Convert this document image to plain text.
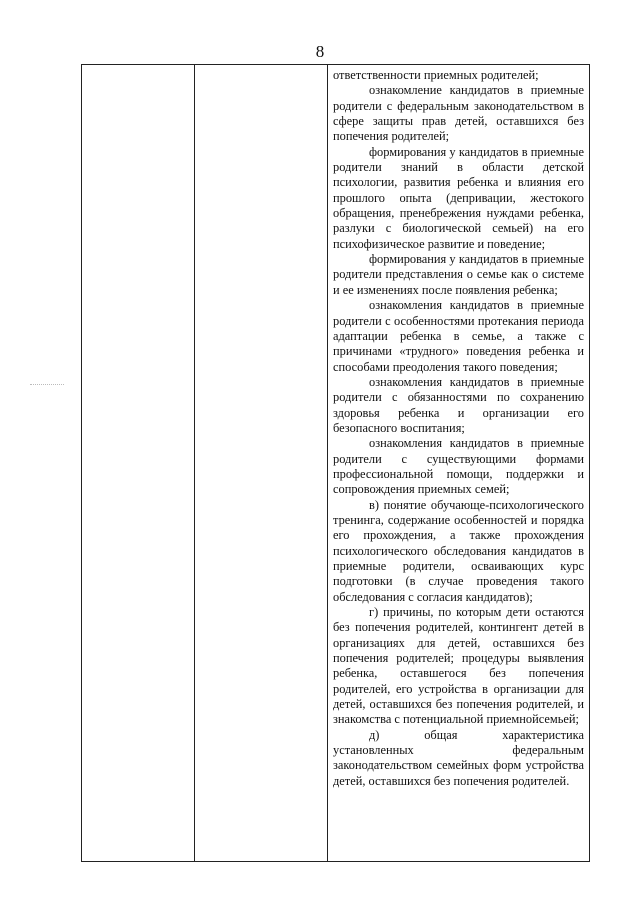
8

ответственности приемных родителей;

ознакомление кандидатов в приемные родители с федеральным законодательством в сфере защиты прав детей, оставшихся без попечения родителей;

формирования у кандидатов в приемные родители знаний в области детской психологии, развития ребенка и влияния его прошлого опыта (депривации, жестокого обращения, пренебрежения нуждами ребенка, разлуки с биологической семьей) на его психофизическое развитие и поведение;

формирования у кандидатов в приемные родители представления о семье как о системе и ее изменениях после появления ребенка;

ознакомления кандидатов в приемные родители с особенностями протекания периода адаптации ребенка в семье, а также с причинами «трудного» поведения ребенка и способами преодоления такого поведения;

ознакомления кандидатов в приемные родители с обязанностями по сохранению здоровья ребенка и организации его безопасного воспитания;

ознакомления кандидатов в приемные родители с существующими формами профессиональной помощи, поддержки и сопровождения приемных семей;

в) понятие обучающе-психологического тренинга, содержание особенностей и порядка его прохождения, а также прохождения психологического обследования кандидатов в приемные родители, осваивающих курс подготовки (в случае проведения такого обследования с согласия кандидатов);

г) причины, по которым дети остаются без попечения родителей, контингент детей в организациях для детей, оставшихся без попечения родителей; процедуры выявления ребенка, оставшегося без попечения родителей, его устройства в организации для детей, оставшихся без попечения родителей, и знакомства с потенциальной приемнойсемьей;

д) общая характеристика установленных федеральным законодательством семейных форм устройства детей, оставшихся без попечения родителей.
